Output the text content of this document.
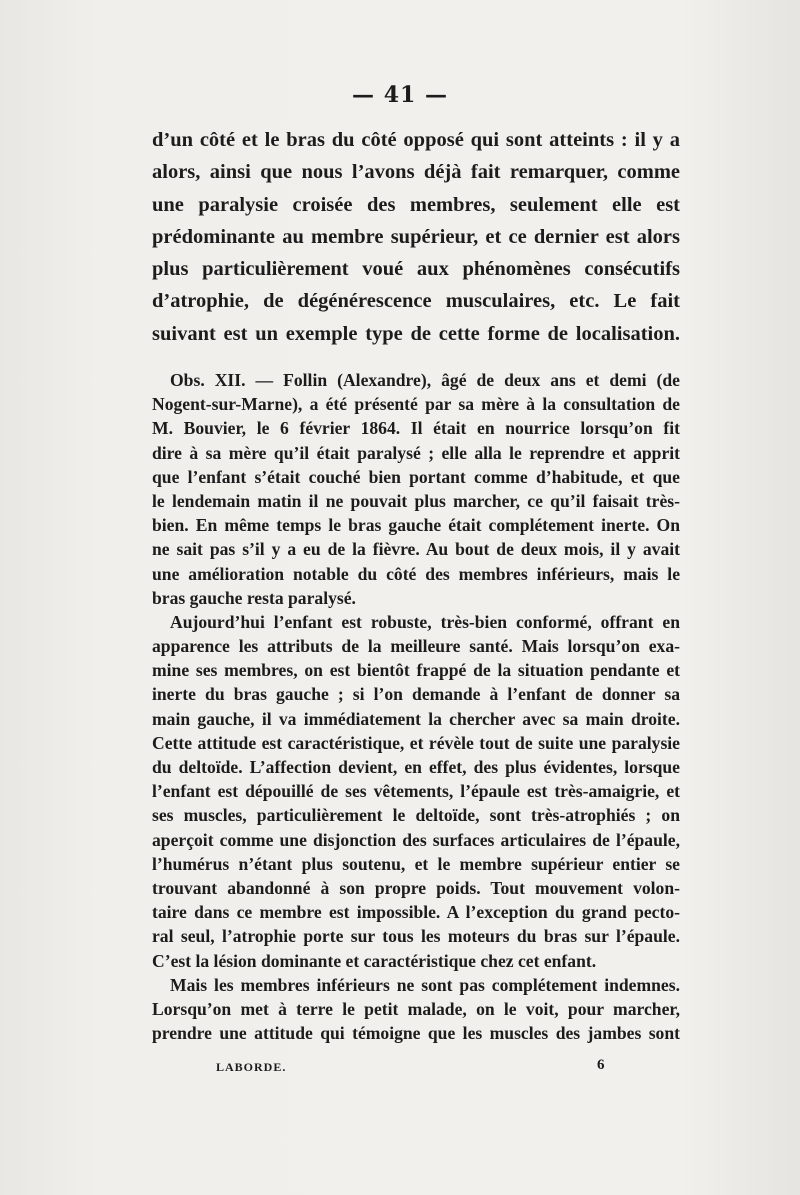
— 41 —
d’un côté et le bras du côté opposé qui sont atteints : il y a
alors, ainsi que nous l’avons déjà fait remarquer, comme
une paralysie croisée des membres, seulement elle est
prédominante au membre supérieur, et ce dernier est alors
plus particulièrement voué aux phénomènes consécutifs
d’atrophie, de dégénérescence musculaires, etc. Le fait
suivant est un exemple type de cette forme de localisation.
Obs. XII. — Follin (Alexandre), âgé de deux ans et demi (de
Nogent-sur-Marne), a été présenté par sa mère à la consultation de
M. Bouvier, le 6 février 1864. Il était en nourrice lorsqu’on fit
dire à sa mère qu’il était paralysé ; elle alla le reprendre et apprit
que l’enfant s’était couché bien portant comme d’habitude, et que
le lendemain matin il ne pouvait plus marcher, ce qu’il faisait très-
bien. En même temps le bras gauche était complétement inerte. On
ne sait pas s’il y a eu de la fièvre. Au bout de deux mois, il y avait
une amélioration notable du côté des membres inférieurs, mais le
bras gauche resta paralysé.
Aujourd’hui l’enfant est robuste, très-bien conformé, offrant en
apparence les attributs de la meilleure santé. Mais lorsqu’on exa-
mine ses membres, on est bientôt frappé de la situation pendante et
inerte du bras gauche ; si l’on demande à l’enfant de donner sa
main gauche, il va immédiatement la chercher avec sa main droite.
Cette attitude est caractéristique, et révèle tout de suite une paralysie
du deltoïde. L’affection devient, en effet, des plus évidentes, lorsque
l’enfant est dépouillé de ses vêtements, l’épaule est très-amaigrie, et
ses muscles, particulièrement le deltoïde, sont très-atrophiés ; on
aperçoit comme une disjonction des surfaces articulaires de l’épaule,
l’humérus n’étant plus soutenu, et le membre supérieur entier se
trouvant abandonné à son propre poids. Tout mouvement volon-
taire dans ce membre est impossible. A l’exception du grand pecto-
ral seul, l’atrophie porte sur tous les moteurs du bras sur l’épaule.
C’est la lésion dominante et caractéristique chez cet enfant.
Mais les membres inférieurs ne sont pas complétement indemnes.
Lorsqu’on met à terre le petit malade, on le voit, pour marcher,
prendre une attitude qui témoigne que les muscles des jambes sont
LABORDE.	6
